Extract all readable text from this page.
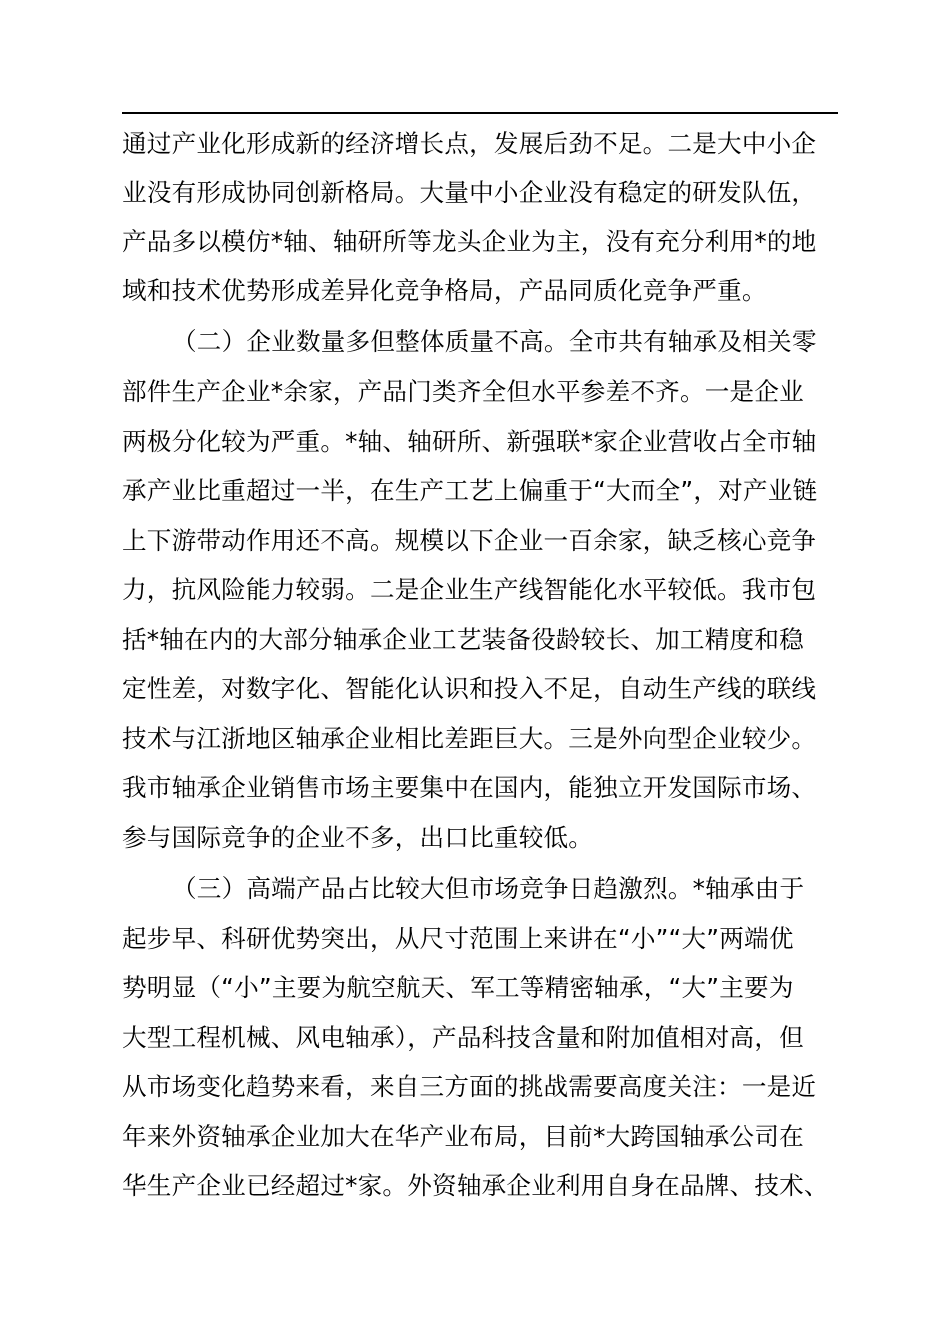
通过产业化形成新的经济增长点，发展后劲不足。二是大中小企
业没有形成协同创新格局。大量中小企业没有稳定的研发队伍，
产品多以模仿*轴、轴研所等龙头企业为主，没有充分利用*的地
域和技术优势形成差异化竞争格局，产品同质化竞争严重。
（二）企业数量多但整体质量不高。全市共有轴承及相关零
部件生产企业*余家，产品门类齐全但水平参差不齐。一是企业
两极分化较为严重。*轴、轴研所、新强联*家企业营收占全市轴
承产业比重超过一半，在生产工艺上偏重于“大而全”，对产业链
上下游带动作用还不高。规模以下企业一百余家，缺乏核心竞争
力，抗风险能力较弱。二是企业生产线智能化水平较低。我市包
括*轴在内的大部分轴承企业工艺装备役龄较长、加工精度和稳
定性差，对数字化、智能化认识和投入不足，自动生产线的联线
技术与江浙地区轴承企业相比差距巨大。三是外向型企业较少。
我市轴承企业销售市场主要集中在国内，能独立开发国际市场、
参与国际竞争的企业不多，出口比重较低。
（三）高端产品占比较大但市场竞争日趋激烈。*轴承由于
起步早、科研优势突出，从尺寸范围上来讲在“小”“大”两端优
势明显（“小”主要为航空航天、军工等精密轴承，“大”主要为
大型工程机械、风电轴承），产品科技含量和附加值相对高，但
从市场变化趋势来看，来自三方面的挑战需要高度关注：一是近
年来外资轴承企业加大在华产业布局，目前*大跨国轴承公司在
华生产企业已经超过*家。外资轴承企业利用自身在品牌、技术、
